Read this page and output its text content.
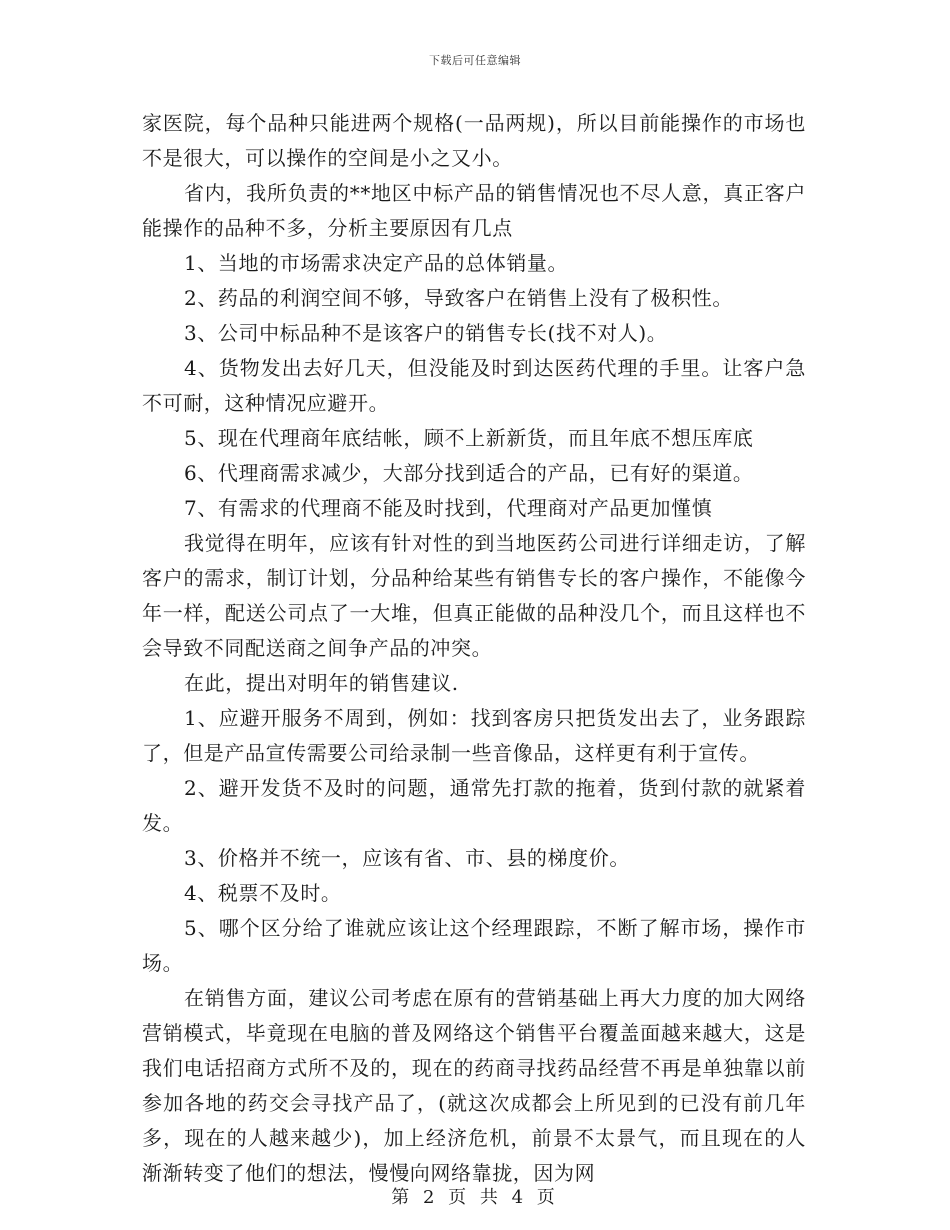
下载后可任意编辑

家医院，每个品种只能进两个规格(一品两规)，所以目前能操作的市场也不是很大，可以操作的空间是小之又小。

省内，我所负责的**地区中标产品的销售情况也不尽人意，真正客户能操作的品种不多，分析主要原因有几点

1、当地的市场需求决定产品的总体销量。

2、药品的利润空间不够，导致客户在销售上没有了极积性。

3、公司中标品种不是该客户的销售专长(找不对人)。

4、货物发出去好几天，但没能及时到达医药代理的手里。让客户急不可耐，这种情况应避开。

5、现在代理商年底结帐，顾不上新新货，而且年底不想压库底

6、代理商需求减少，大部分找到适合的产品，已有好的渠道。

7、有需求的代理商不能及时找到，代理商对产品更加慬慎

我觉得在明年，应该有针对性的到当地医药公司进行详细走访，了解客户的需求，制订计划，分品种给某些有销售专长的客户操作，不能像今年一样，配送公司点了一大堆，但真正能做的品种没几个，而且这样也不会导致不同配送商之间争产品的冲突。

在此，提出对明年的销售建议.

1、应避开服务不周到，例如：找到客房只把货发出去了，业务跟踪了，但是产品宣传需要公司给录制一些音像品，这样更有利于宣传。

2、避开发货不及时的问题，通常先打款的拖着，货到付款的就紧着发。

3、价格并不统一，应该有省、市、县的梯度价。

4、税票不及时。

5、哪个区分给了谁就应该让这个经理跟踪，不断了解市场，操作市场。

在销售方面，建议公司考虑在原有的营销基础上再大力度的加大网络营销模式，毕竟现在电脑的普及网络这个销售平台覆盖面越来越大，这是我们电话招商方式所不及的，现在的药商寻找药品经营不再是单独靠以前参加各地的药交会寻找产品了，(就这次成都会上所见到的已没有前几年多，现在的人越来越少)，加上经济危机，前景不太景气，而且现在的人渐渐转变了他们的想法，慢慢向网络靠拢，因为网

第 2 页 共 4 页
